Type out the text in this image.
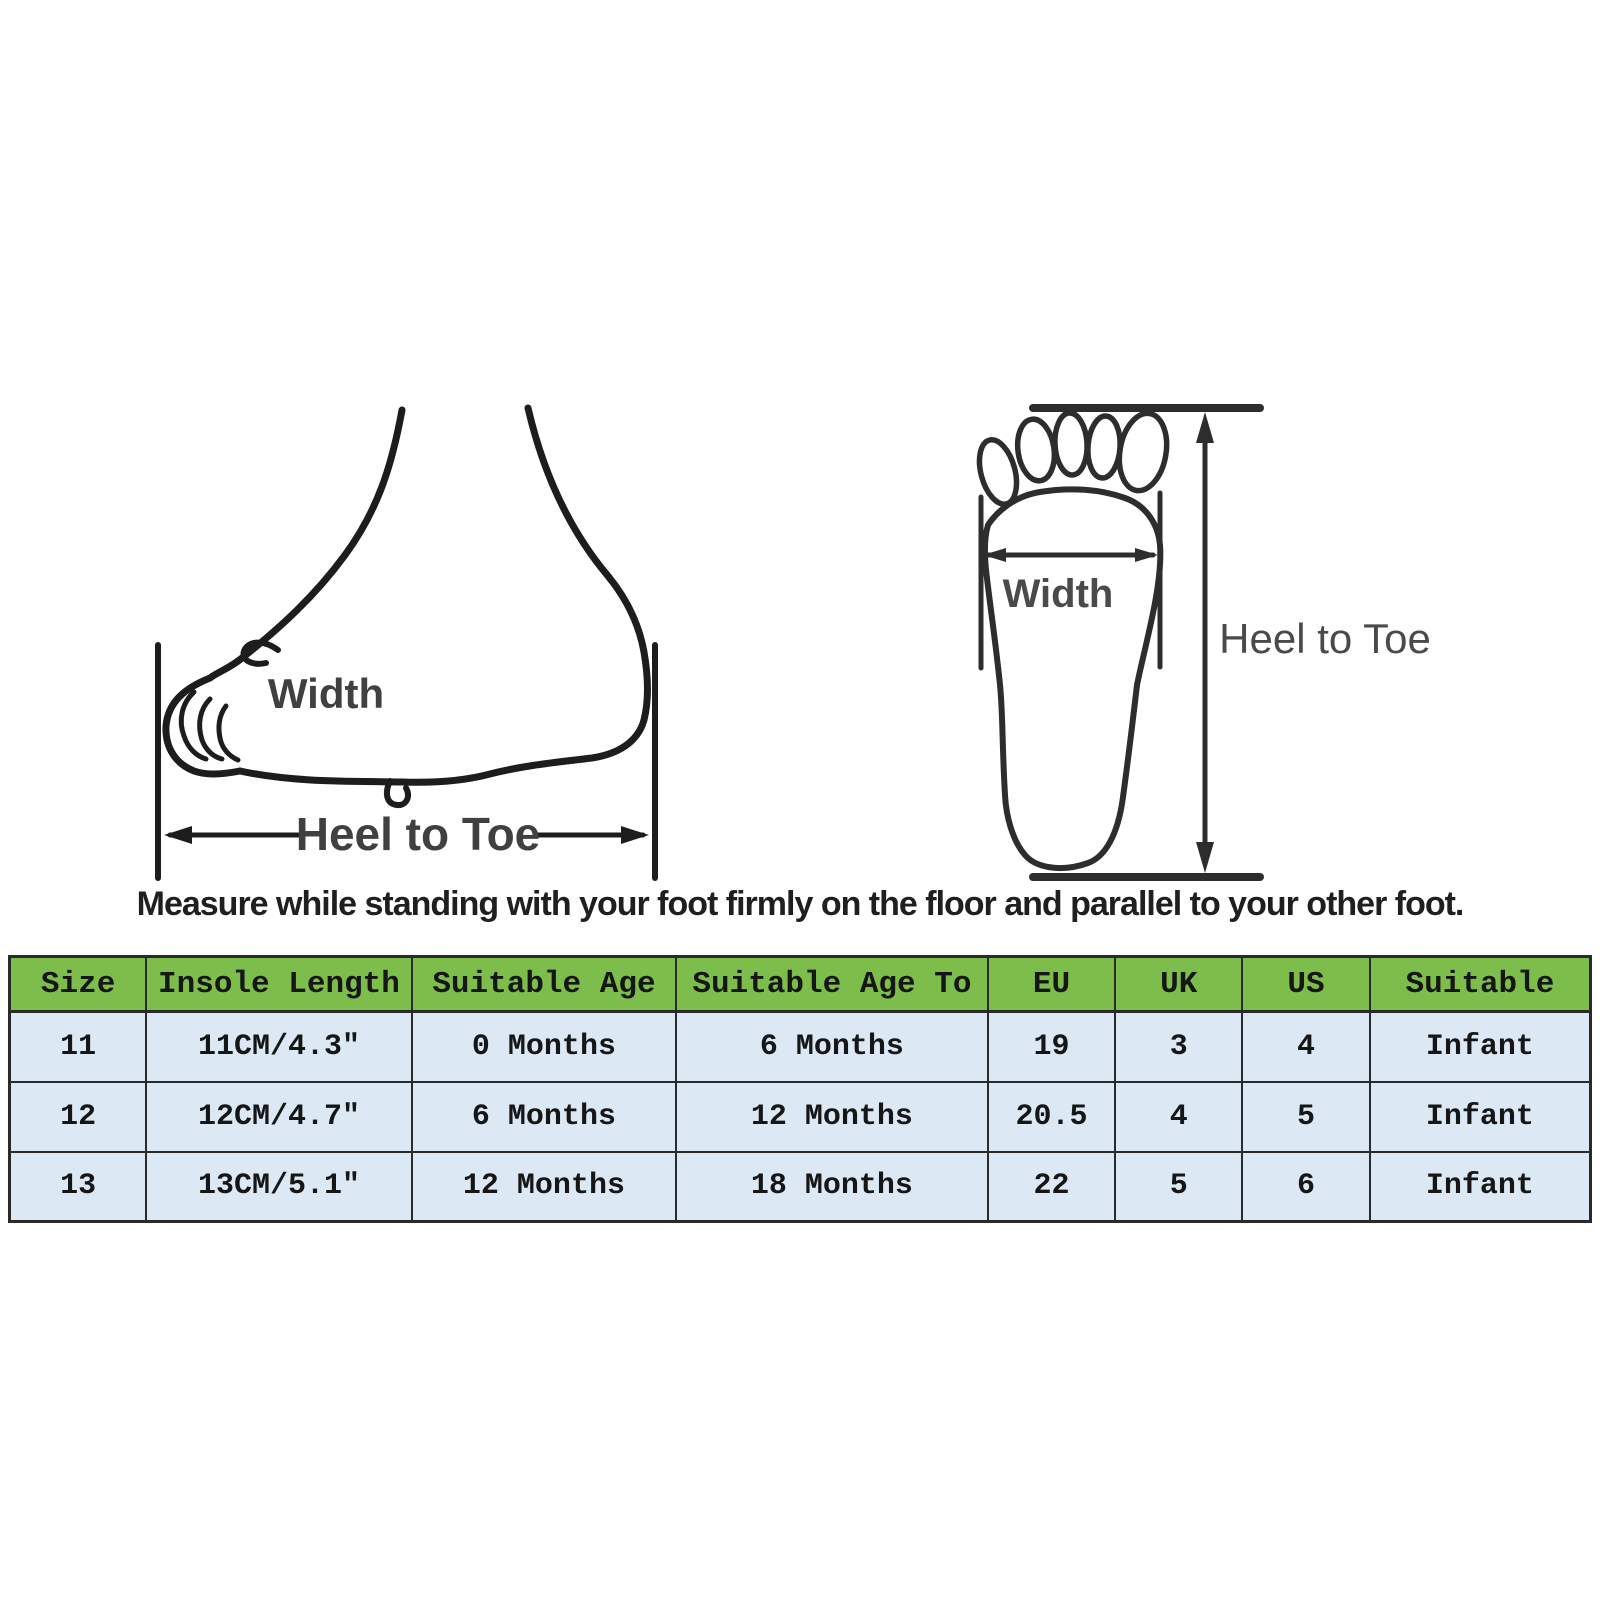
Width
Heel to Toe
Width
Heel to Toe
Measure while standing with your foot firmly on the floor and parallel to your other foot.
Size	Insole Length	Suitable Age	Suitable Age To	EU	UK	US	Suitable
11	11CM/4.3″	0 Months	6 Months	19	3	4	Infant
12	12CM/4.7″	6 Months	12 Months	20.5	4	5	Infant
13	13CM/5.1″	12 Months	18 Months	22	5	6	Infant
